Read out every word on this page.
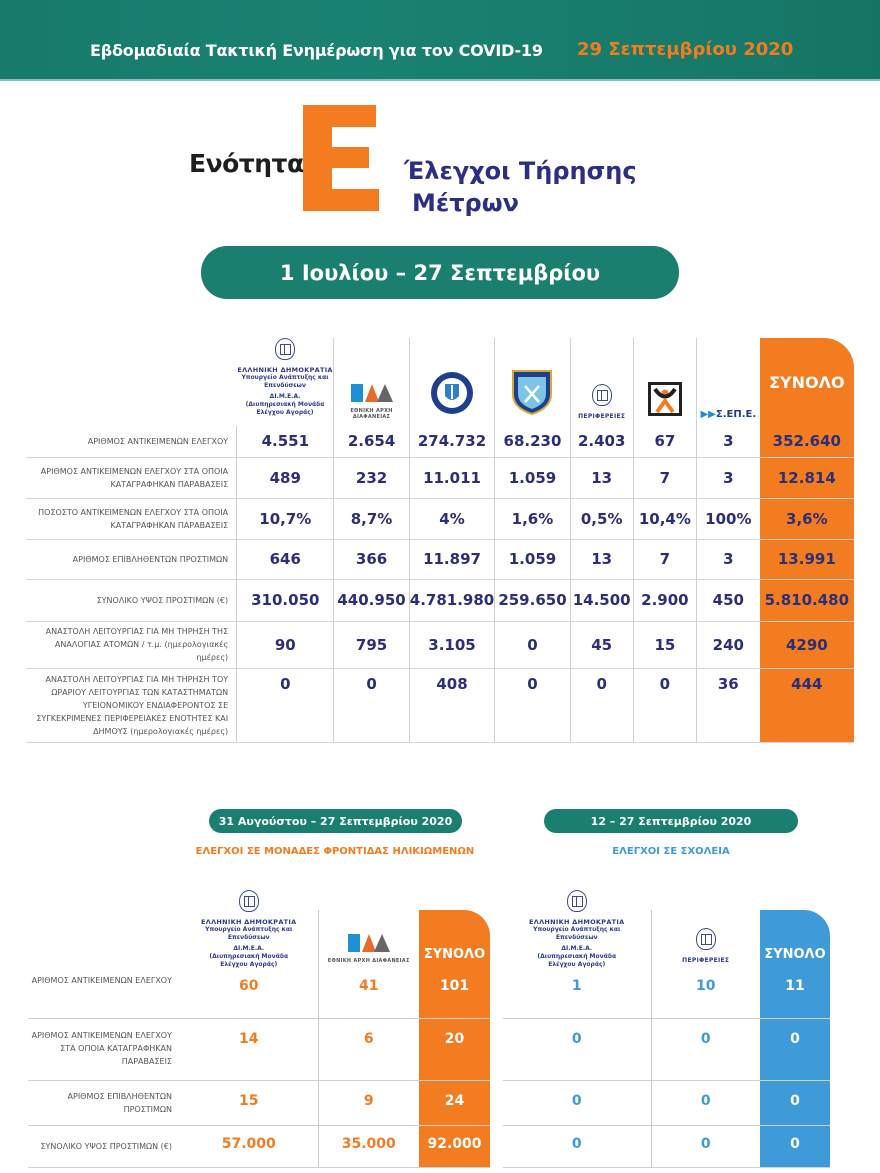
Εβδομαδιαία Τακτική Ενημέρωση για τον COVID-19 29 Σεπτεμβρίου 2020
Ενότητα	Έλεγχοι Τήρησης
Μέτρων
1 Ιουλίου – 27 Σεπτεμβρίου

ΕΛΛΗΝΙΚΗ ΔΗΜΟΚΡΑΤΙΑ
Υπουργείο Ανάπτυξης και
Επενδύσεων
ΔΙ.Μ.Ε.Α.
(Διυπηρεσιακή Μονάδα
Ελέγχου Αγοράς)	ΕΘΝΙΚΗ ΑΡΧΗ ΔΙΑΦΑΝΕΙΑΣ			ΠΕΡΙΦΕΡΕΙΕΣ		▶▶Σ.ΕΠ.Ε.
	ΣΥΝΟΛΟ
ΑΡΙΘΜΟΣ ΑΝΤΙΚΕΙΜΕΝΩΝ ΕΛΕΓΧΟΥ	4.551	2.654	274.732	68.230	2.403	67	3	352.640
ΑΡΙΘΜΟΣ ΑΝΤΙΚΕΙΜΕΝΩΝ ΕΛΕΓΧΟΥ ΣΤΑ ΟΠΟΙΑ ΚΑΤΑΓΡΑΦΗΚΑΝ ΠΑΡΑΒΑΣΕΙΣ	489	232	11.011	1.059	13	7	3	12.814
ΠΟΣΟΣΤΟ ΑΝΤΙΚΕΙΜΕΝΩΝ ΕΛΕΓΧΟΥ ΣΤΑ ΟΠΟΙΑ ΚΑΤΑΓΡΑΦΗΚΑΝ ΠΑΡΑΒΑΣΕΙΣ	10,7%	8,7%	4%	1,6%	0,5%	10,4%	100%	3,6%
ΑΡΙΘΜΟΣ ΕΠΙΒΛΗΘΕΝΤΩΝ ΠΡΟΣΤΙΜΩΝ	646	366	11.897	1.059	13	7	3	13.991
ΣΥΝΟΛΙΚΟ ΥΨΟΣ ΠΡΟΣΤΙΜΩΝ (€)	310.050	440.950	4.781.980	259.650	14.500	2.900	450	5.810.480
ΑΝΑΣΤΟΛΗ ΛΕΙΤΟΥΡΓΙΑΣ ΓΙΑ ΜΗ ΤΗΡΗΣΗ ΤΗΣ ΑΝΑΛΟΓΙΑΣ ΑΤΟΜΩΝ / τ.μ. (ημερολογιακές ημέρες)	90	795	3.105	0	45	15	240	4290
ΑΝΑΣΤΟΛΗ ΛΕΙΤΟΥΡΓΙΑΣ ΓΙΑ ΜΗ ΤΗΡΗΣΗ ΤΟΥ ΩΡΑΡΙΟΥ ΛΕΙΤΟΥΡΓΙΑΣ ΤΩΝ ΚΑΤΑΣΤΗΜΑΤΩΝ ΥΓΕΙΟΝΟΜΙΚΟΥ ΕΝΔΙΑΦΕΡΟΝΤΟΣ ΣΕ ΣΥΓΚΕΚΡΙΜΕΝΕΣ ΠΕΡΙΦΕΡΕΙΑΚΕΣ ΕΝΟΤΗΤΕΣ ΚΑΙ ΔΗΜΟΥΣ (ημερολογιακές ημέρες)	0	0	408	0	0	0	36	444
31 Αυγούστου – 27 Σεπτεμβρίου 2020
ΕΛΕΓΧΟΙ ΣΕ ΜΟΝΑΔΕΣ ΦΡΟΝΤΙΔΑΣ ΗΛΙΚΙΩΜΕΝΩΝ
12 – 27 Σεπτεμβρίου 2020
ΕΛΕΓΧΟΙ ΣΕ ΣΧΟΛΕΙΑ

ΕΛΛΗΝΙΚΗ ΔΗΜΟΚΡΑΤΙΑ
Υπουργείο Ανάπτυξης και
Επενδύσεων
ΔΙ.Μ.Ε.Α.
(Διυπηρεσιακή Μονάδα
Ελέγχου Αγοράς)	ΕΘΝΙΚΗ ΑΡΧΗ ΔΙΑΦΑΝΕΙΑΣ	ΣΥΝΟΛΟ
ΑΡΙΘΜΟΣ ΑΝΤΙΚΕΙΜΕΝΩΝ ΕΛΕΓΧΟΥ	60	41	101
ΑΡΙΘΜΟΣ ΑΝΤΙΚΕΙΜΕΝΩΝ ΕΛΕΓΧΟΥ ΣΤΑ ΟΠΟΙΑ ΚΑΤΑΓΡΑΦΗΚΑΝ ΠΑΡΑΒΑΣΕΙΣ	14	6	20
ΑΡΙΘΜΟΣ ΕΠΙΒΛΗΘΕΝΤΩΝ ΠΡΟΣΤΙΜΩΝ	15	9	24
ΣΥΝΟΛΙΚΟ ΥΨΟΣ ΠΡΟΣΤΙΜΩΝ (€)	57.000	35.000	92.000
ΕΛΛΗΝΙΚΗ ΔΗΜΟΚΡΑΤΙΑ
Υπουργείο Ανάπτυξης και
Επενδύσεων
ΔΙ.Μ.Ε.Α.
(Διυπηρεσιακή Μονάδα
Ελέγχου Αγοράς)

ΠΕΡΙΦΕΡΕΙΕΣ	ΣΥΝΟΛΟ
1	10	11
0	0	0
0	0	0
0	0	0
